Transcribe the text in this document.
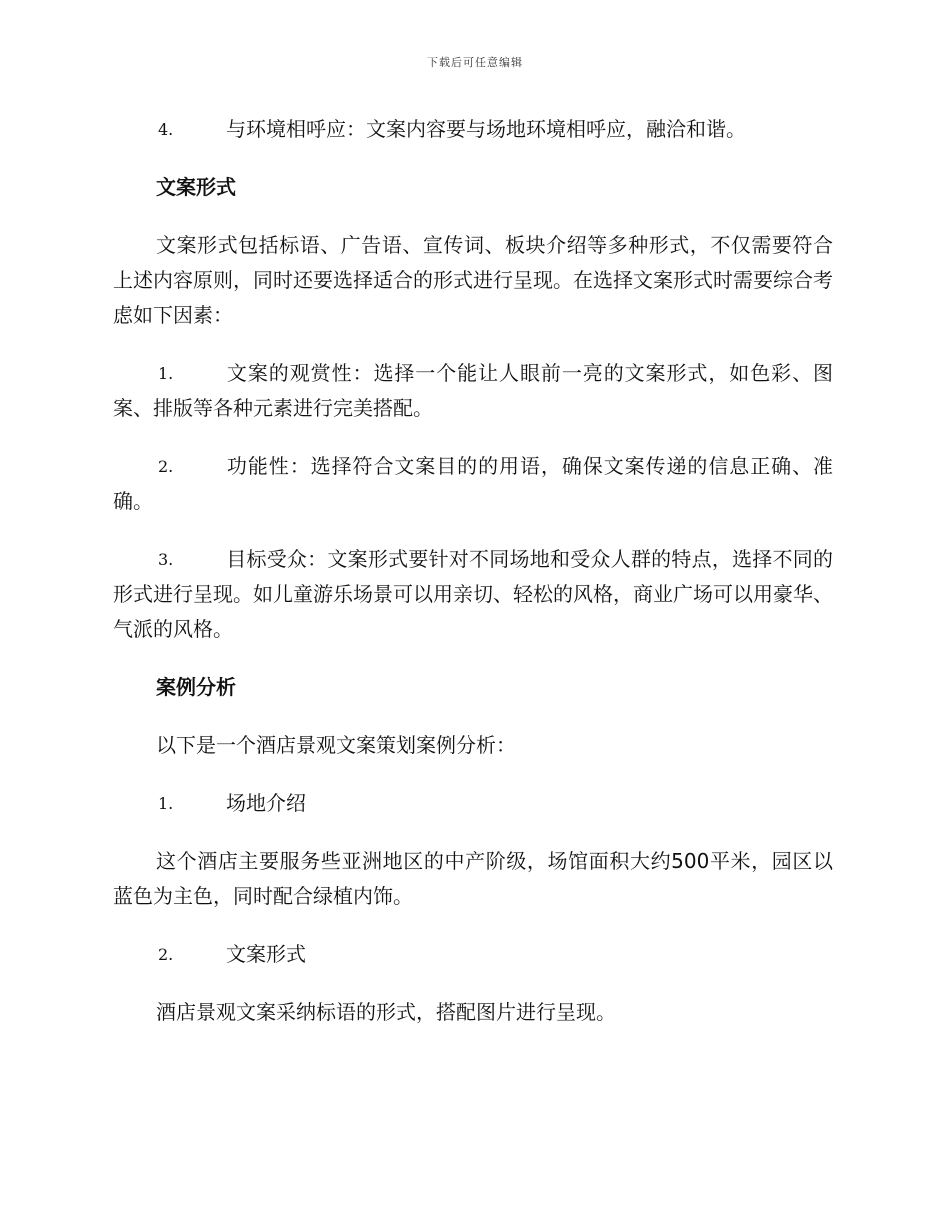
下载后可任意编辑

4.	与环境相呼应：文案内容要与场地环境相呼应，融洽和谐。

文案形式

文案形式包括标语、广告语、宣传词、板块介绍等多种形式，不仅需要符合上述内容原则，同时还要选择适合的形式进行呈现。在选择文案形式时需要综合考虑如下因素：

1.	文案的观赏性：选择一个能让人眼前一亮的文案形式，如色彩、图案、排版等各种元素进行完美搭配。

2.	功能性：选择符合文案目的的用语，确保文案传递的信息正确、准确。

3.	目标受众：文案形式要针对不同场地和受众人群的特点，选择不同的形式进行呈现。如儿童游乐场景可以用亲切、轻松的风格，商业广场可以用豪华、气派的风格。

案例分析

以下是一个酒店景观文案策划案例分析：

1.	场地介绍

这个酒店主要服务些亚洲地区的中产阶级，场馆面积大约500平米，园区以蓝色为主色，同时配合绿植内饰。

2.	文案形式

酒店景观文案采纳标语的形式，搭配图片进行呈现。
